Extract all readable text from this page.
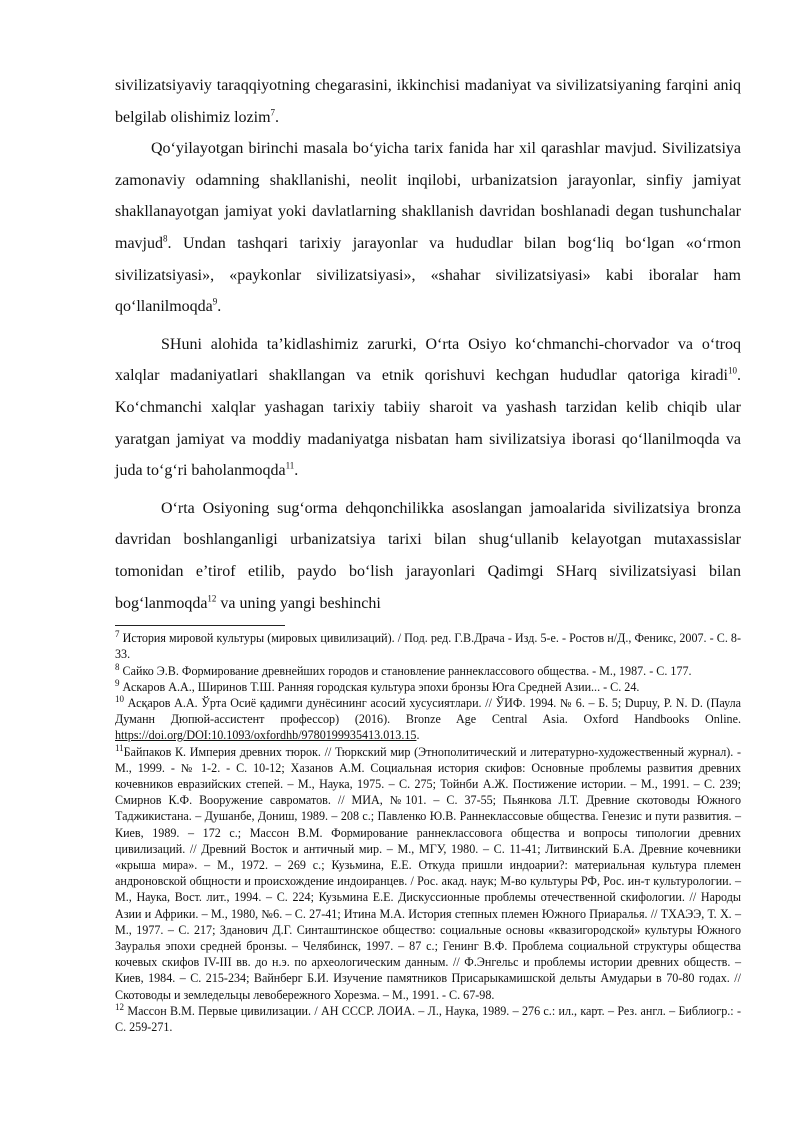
sivilizatsiyaviy taraqqiyotning chegarasini, ikkinchisi madaniyat va sivilizatsiyaning farqini aniq belgilab olishimiz lozim$^7$.

Qo‘yilayotgan birinchi masala bo‘yicha tarix fanida har xil qarashlar mavjud. Sivilizatsiya zamonaviy odamning shakllanishi, neolit inqilobi, urbanizatsion jarayonlar, sinfiy jamiyat shakllanayotgan jamiyat yoki davlatlarning shakllanish davridan boshlanadi degan tushunchalar mavjud$^8$. Undan tashqari tarixiy jarayonlar va hududlar bilan bog‘liq bo‘lgan «o‘rmon sivilizatsiyasi», «paykonlar sivilizatsiyasi», «shahar sivilizatsiyasi» kabi iboralar ham qo‘llanilmoqda$^9$.

SHuni alohida ta’kidlashimiz zarurki, O‘rta Osiyo ko‘chmanchi-chorvador va o‘troq xalqlar madaniyatlari shakllangan va etnik qorishuvi kechgan hududlar qatoriga kiradi$^{10}$. Ko‘chmanchi xalqlar yashagan tarixiy tabiiy sharoit va yashash tarzidan kelib chiqib ular yaratgan jamiyat va moddiy madaniyatga nisbatan ham sivilizatsiya iborasi qo‘llanilmoqda va juda to‘g‘ri baholanmoqda$^{11}$.

O‘rta Osiyoning sug‘orma dehqonchilikka asoslangan jamoalarida sivilizatsiya bronza davridan boshlanganligi urbanizatsiya tarixi bilan shug‘ullanib kelayotgan mutaxassislar tomonidan e’tirof etilib, paydo bo‘lish jarayonlari Qadimgi SHarq sivilizatsiyasi bilan bog‘lanmoqda$^{12}$ va uning yangi beshinchi

$^7$ История мировой культуры (мировых цивилизаций). / Под. ред. Г.В.Драча - Изд. 5-е. - Ростов н/Д., Феникс, 2007. - С. 8-33.

$^8$ Сайко Э.В. Формирование древнейших городов и становление раннеклассового общества. - М., 1987. - С. 177.

$^9$ Аскаров А.А., Ширинов Т.Ш. Ранняя городская культура эпохи бронзы Юга Средней Азии... - С. 24.

$^{10}$ Асқаров А.А. Ўрта Осиё қадимги дунёсининг асосий хусусиятлари. // ЎИФ. 1994. № 6. – Б. 5; Dupuy, P. N. D. (Паула Думанн Дюпюй-ассистент профессор) (2016). Bronze Age Central Asia. Oxford Handbooks Online. https://doi.org/DOI:10.1093/oxfordhb/9780199935413.013.15.

$^{11}$Байпаков К. Империя древних тюрок. // Тюркский мир (Этнополитический и литературно-художественный журнал). - М., 1999. - № 1-2. - С. 10-12; Хазанов А.М. Социальная история скифов: Основные проблемы развития древних кочевников евразийских степей. – М., Наука, 1975. – С. 275; Тойнби А.Ж. Постижение истории. – М., 1991. – С. 239; Смирнов К.Ф. Вооружение савроматов. // МИА, №101. – С. 37-55; Пьянкова Л.Т. Древние скотоводы Южного Таджикистана. – Душанбе, Дониш, 1989. – 208 с.; Павленко Ю.В. Раннеклассовые общества. Генезис и пути развития. – Киев, 1989. – 172 с.; Массон В.М. Формирование раннеклассовога общества и вопросы типологии древних цивилизаций. // Древний Восток и античный мир. – М., МГУ, 1980. – С. 11-41; Литвинский Б.А. Древние кочевники «крыша мира». – М., 1972. – 269 с.; Кузьмина, Е.Е. Откуда пришли индоарии?: материальная культура племен андроновской общности и происхождение индоиранцев. / Рос. акад. наук; М-во культуры РФ, Рос. ин-т культурологии. – М., Наука, Вост. лит., 1994. – С. 224; Кузьмина Е.Е. Дискуссионные проблемы отечественной скифологии. // Народы Азии и Африки. – М., 1980, №6. – С. 27-41; Итина М.А. История степных племен Южного Приаралья. // ТХАЭЭ, Т. Х. – М., 1977. – С. 217; Зданович Д.Г. Синташтинское общество: социальные основы «квазигородской» культуры Южного Зауралья эпохи средней бронзы. – Челябинск, 1997. – 87 с.; Генинг В.Ф. Проблема социальной структуры общества кочевых скифов IV-III вв. до н.э. по археологическим данным. // Ф.Энгельс и проблемы истории древних обществ. – Киев, 1984. – С. 215-234; Вайнберг Б.И. Изучение памятников Присарыкамишской дельты Амударьи в 70-80 годах. // Скотоводы и земледельцы левобережного Хорезма. – М., 1991. - С. 67-98.

$^{12}$ Массон В.М. Первые цивилизации. / АН СССР. ЛОИА. – Л., Наука, 1989. – 276 с.: ил., карт. – Рез. англ. – Библиогр.: - С. 259-271.
